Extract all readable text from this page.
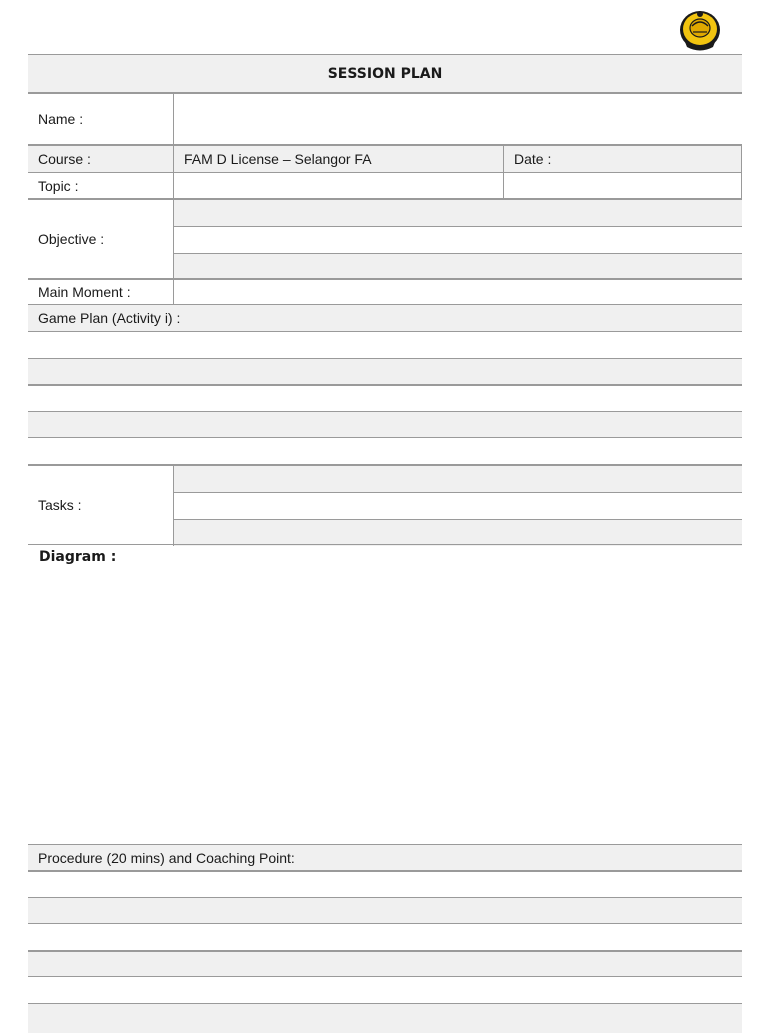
SESSION PLAN
Name :
Course :	FAM D License – Selangor FA	Date :
Topic :
Objective :
Main Moment :
Game Plan (Activity i) :
Tasks :
Diagram :
Procedure (20 mins) and Coaching Point:
